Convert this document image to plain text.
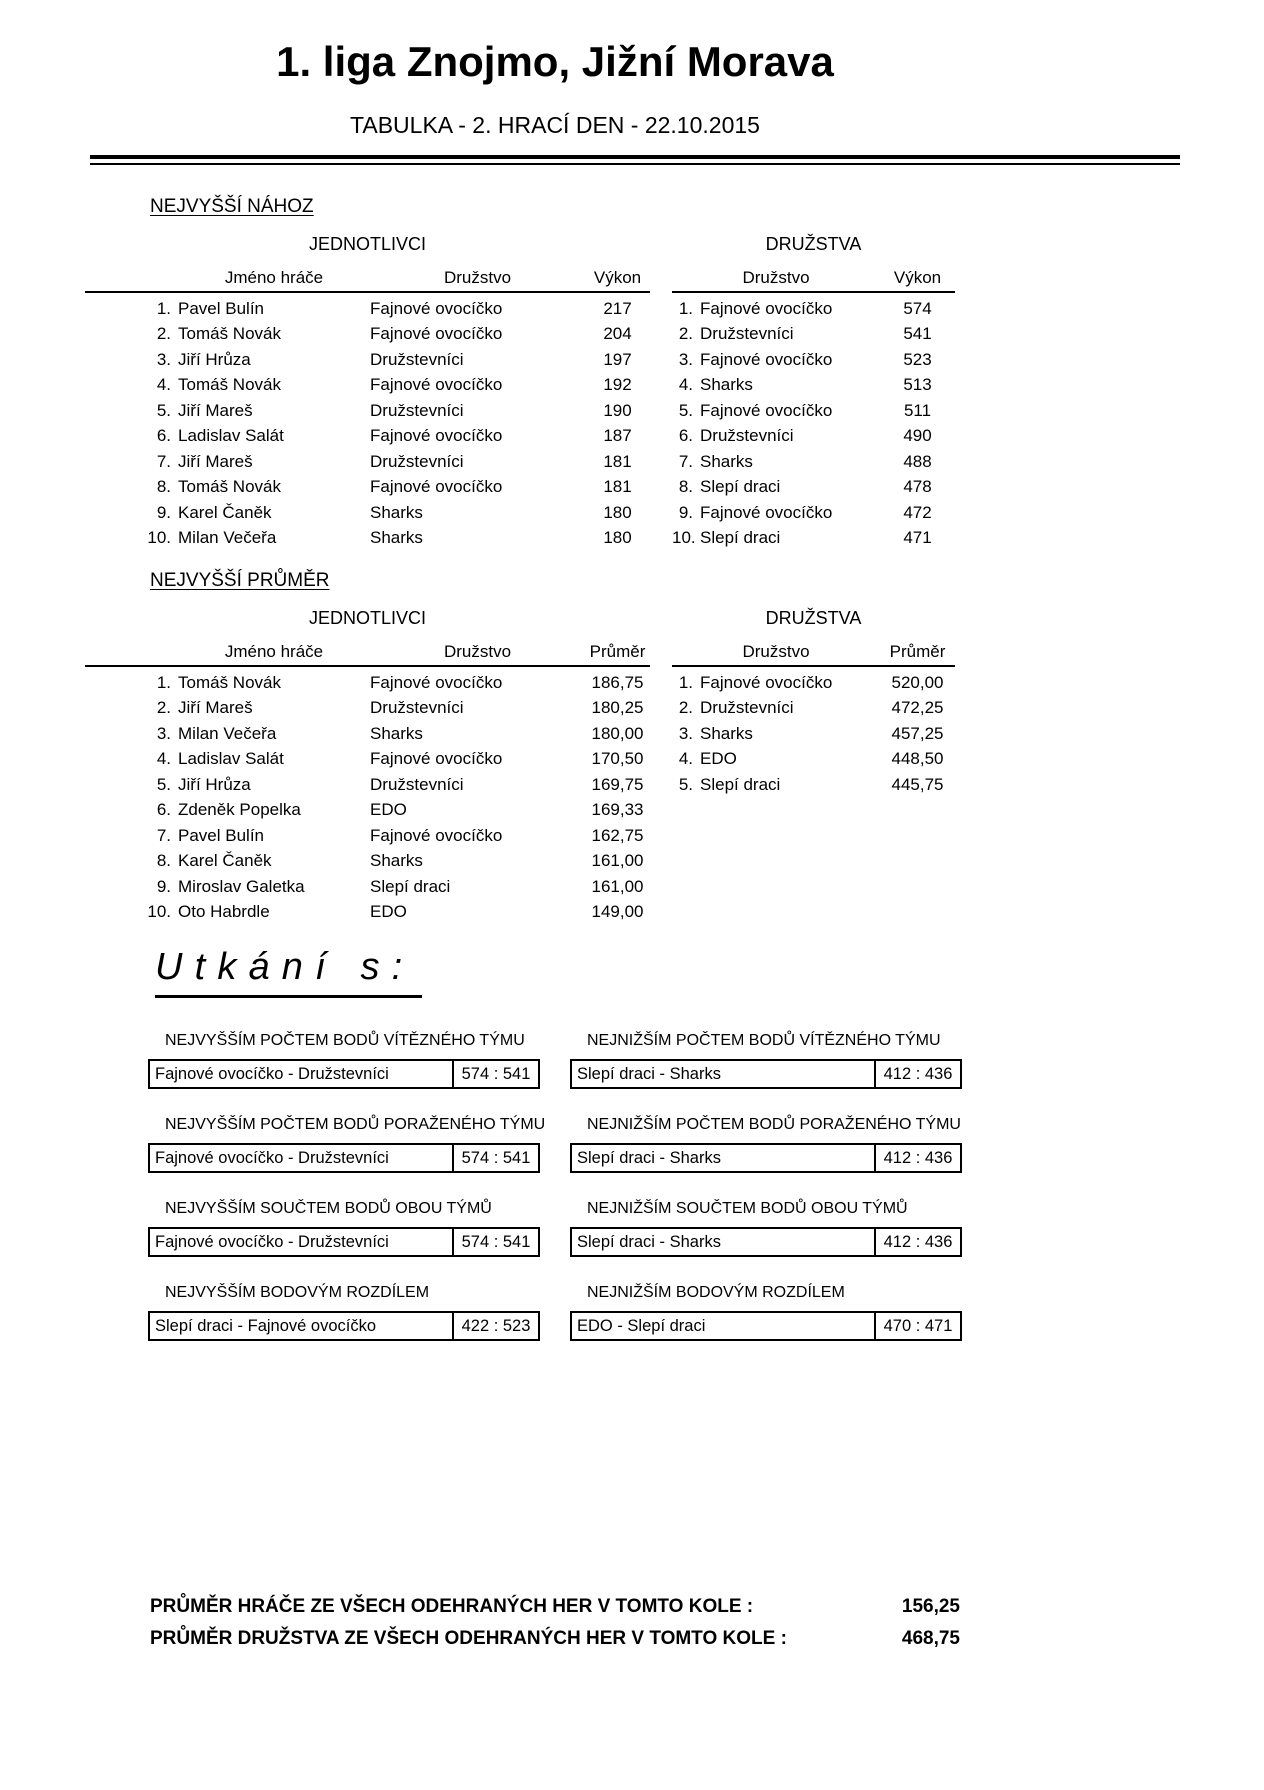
1. liga Znojmo, Jižní Morava
TABULKA - 2. HRACÍ DEN - 22.10.2015
NEJVYŠŠÍ NÁHOZ
JEDNOTLIVCI
Jméno hráče	Družstvo	Výkon
1. Pavel Bulín	Fajnové ovocíčko	217
2. Tomáš Novák	Fajnové ovocíčko	204
3. Jiří Hrůza	Družstevníci	197
4. Tomáš Novák	Fajnové ovocíčko	192
5. Jiří Mareš	Družstevníci	190
6. Ladislav Salát	Fajnové ovocíčko	187
7. Jiří Mareš	Družstevníci	181
8. Tomáš Novák	Fajnové ovocíčko	181
9. Karel Čaněk	Sharks	180
10. Milan Večeřa	Sharks	180
DRUŽSTVA
Družstvo	Výkon
1. Fajnové ovocíčko	574
2. Družstevníci	541
3. Fajnové ovocíčko	523
4. Sharks	513
5. Fajnové ovocíčko	511
6. Družstevníci	490
7. Sharks	488
8. Slepí draci	478
9. Fajnové ovocíčko	472
10. Slepí draci	471
NEJVYŠŠÍ PRŮMĚR
JEDNOTLIVCI
Jméno hráče	Družstvo	Průměr
1. Tomáš Novák	Fajnové ovocíčko	186,75
2. Jiří Mareš	Družstevníci	180,25
3. Milan Večeřa	Sharks	180,00
4. Ladislav Salát	Fajnové ovocíčko	170,50
5. Jiří Hrůza	Družstevníci	169,75
6. Zdeněk Popelka	EDO	169,33
7. Pavel Bulín	Fajnové ovocíčko	162,75
8. Karel Čaněk	Sharks	161,00
9. Miroslav Galetka	Slepí draci	161,00
10. Oto Habrdle	EDO	149,00
DRUŽSTVA
Družstvo	Průměr
1. Fajnové ovocíčko	520,00
2. Družstevníci	472,25
3. Sharks	457,25
4. EDO	448,50
5. Slepí draci	445,75
Utkání s:
NEJVYŠŠÍM POČTEM BODŮ VÍTĚZNÉHO TÝMU
Fajnové ovocíčko - Družstevníci	574 : 541
NEJNIŽŠÍM POČTEM BODŮ VÍTĚZNÉHO TÝMU
Slepí draci - Sharks	412 : 436
NEJVYŠŠÍM POČTEM BODŮ PORAŽENÉHO TÝMU
Fajnové ovocíčko - Družstevníci	574 : 541
NEJNIŽŠÍM POČTEM BODŮ PORAŽENÉHO TÝMU
Slepí draci - Sharks	412 : 436
NEJVYŠŠÍM SOUČTEM BODŮ OBOU TÝMŮ
Fajnové ovocíčko - Družstevníci	574 : 541
NEJNIŽŠÍM SOUČTEM BODŮ OBOU TÝMŮ
Slepí draci - Sharks	412 : 436
NEJVYŠŠÍM BODOVÝM ROZDÍLEM
Slepí draci - Fajnové ovocíčko	422 : 523
NEJNIŽŠÍM BODOVÝM ROZDÍLEM
EDO - Slepí draci	470 : 471
PRŮMĚR HRÁČE ZE VŠECH ODEHRANÝCH HER V TOMTO KOLE :	156,25
PRŮMĚR DRUŽSTVA ZE VŠECH ODEHRANÝCH HER V TOMTO KOLE :	468,75
